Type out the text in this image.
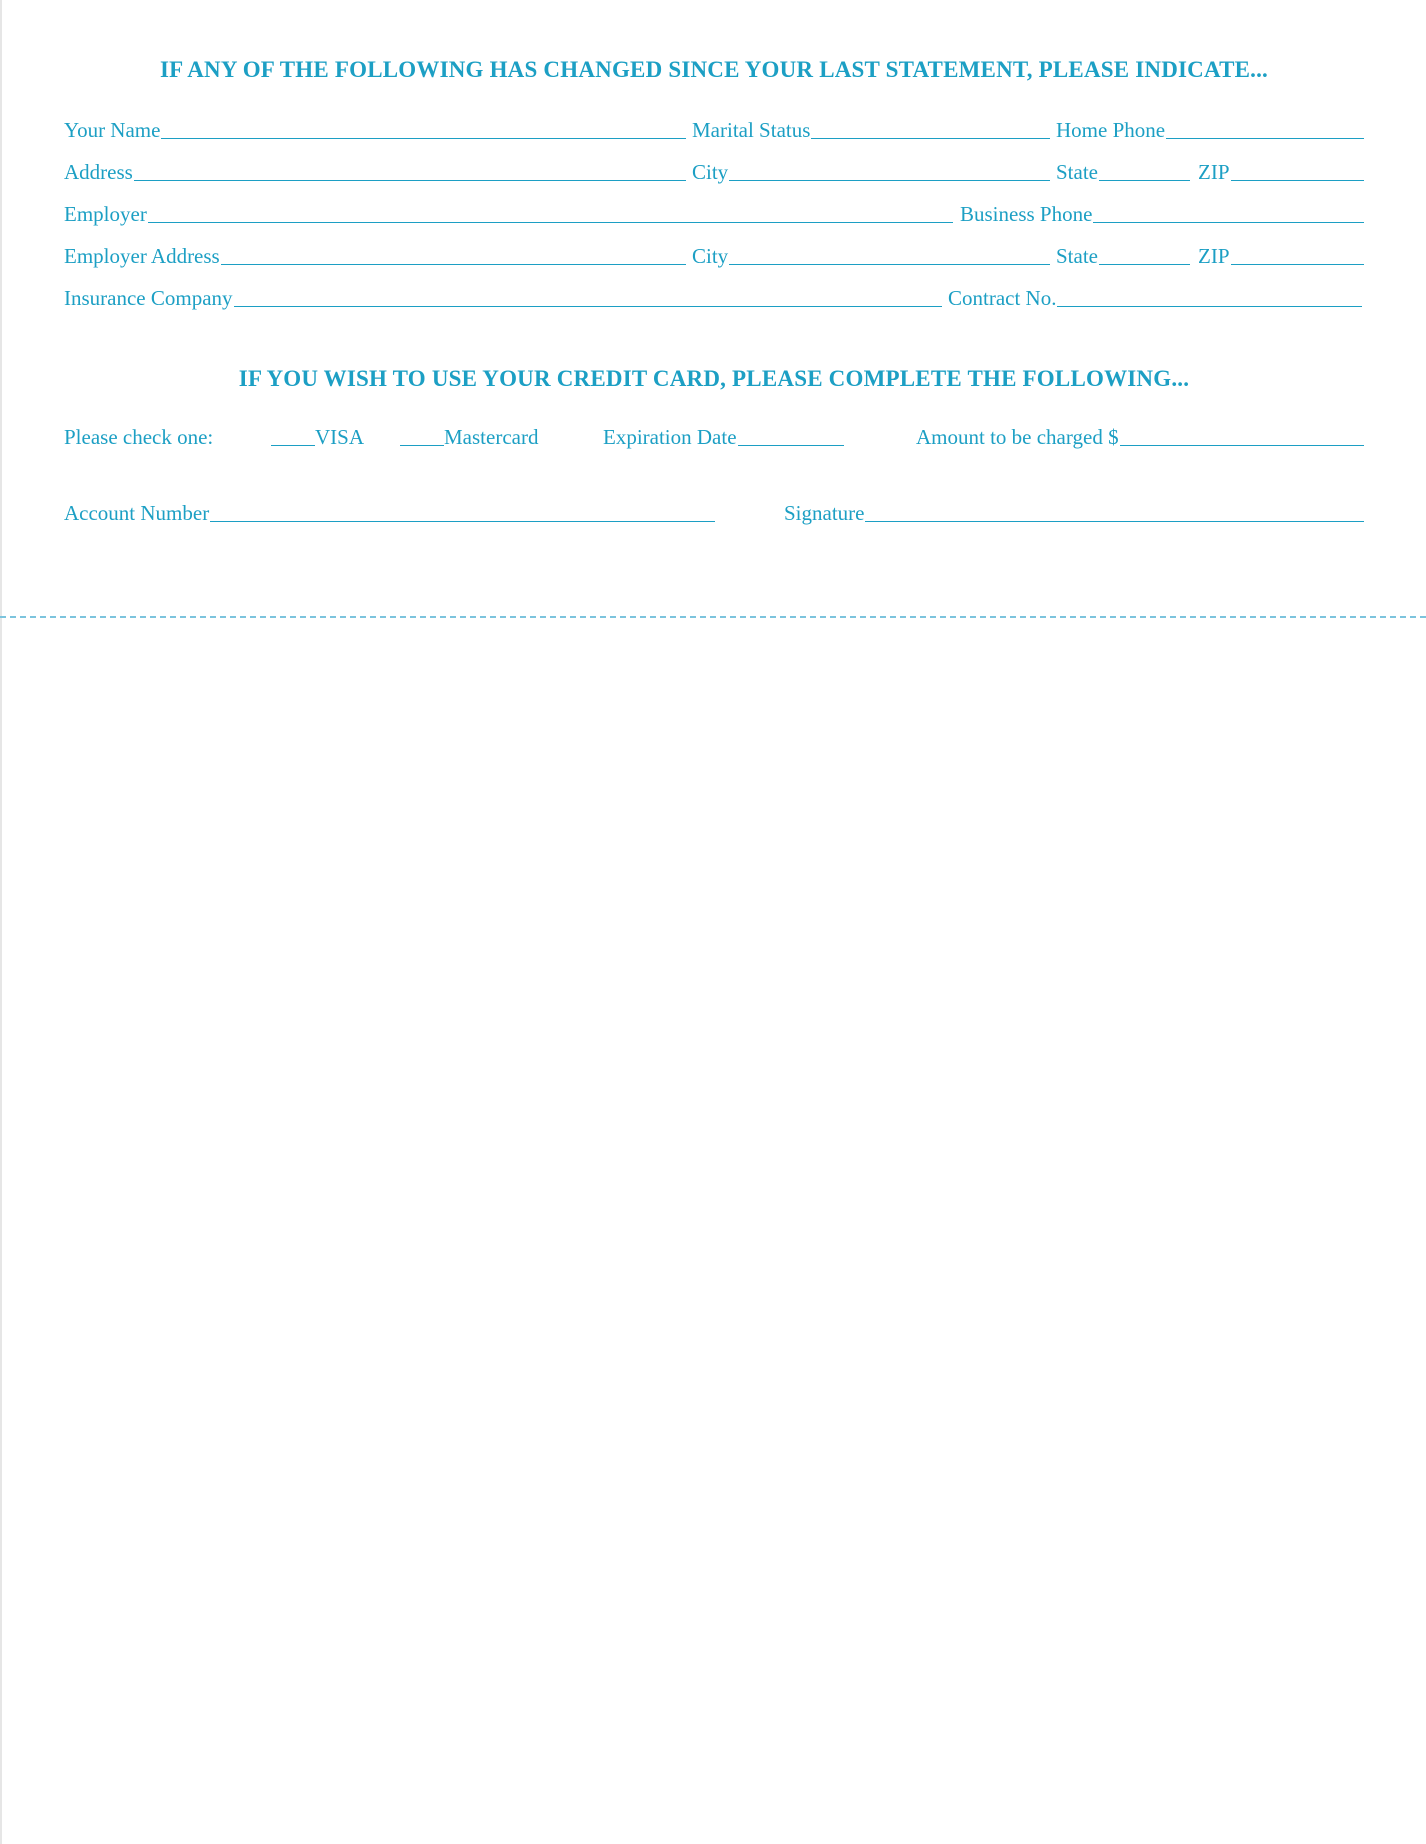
IF ANY OF THE FOLLOWING HAS CHANGED SINCE YOUR LAST STATEMENT, PLEASE INDICATE...
Your Name	Marital Status	Home Phone
Address	City	State	ZIP
Employer	Business Phone
Employer Address	City	State	ZIP
Insurance Company	Contract No.
IF YOU WISH TO USE YOUR CREDIT CARD, PLEASE COMPLETE THE FOLLOWING...
Please check one:	VISA	Mastercard	Expiration Date	Amount to be charged $
Account Number	Signature
